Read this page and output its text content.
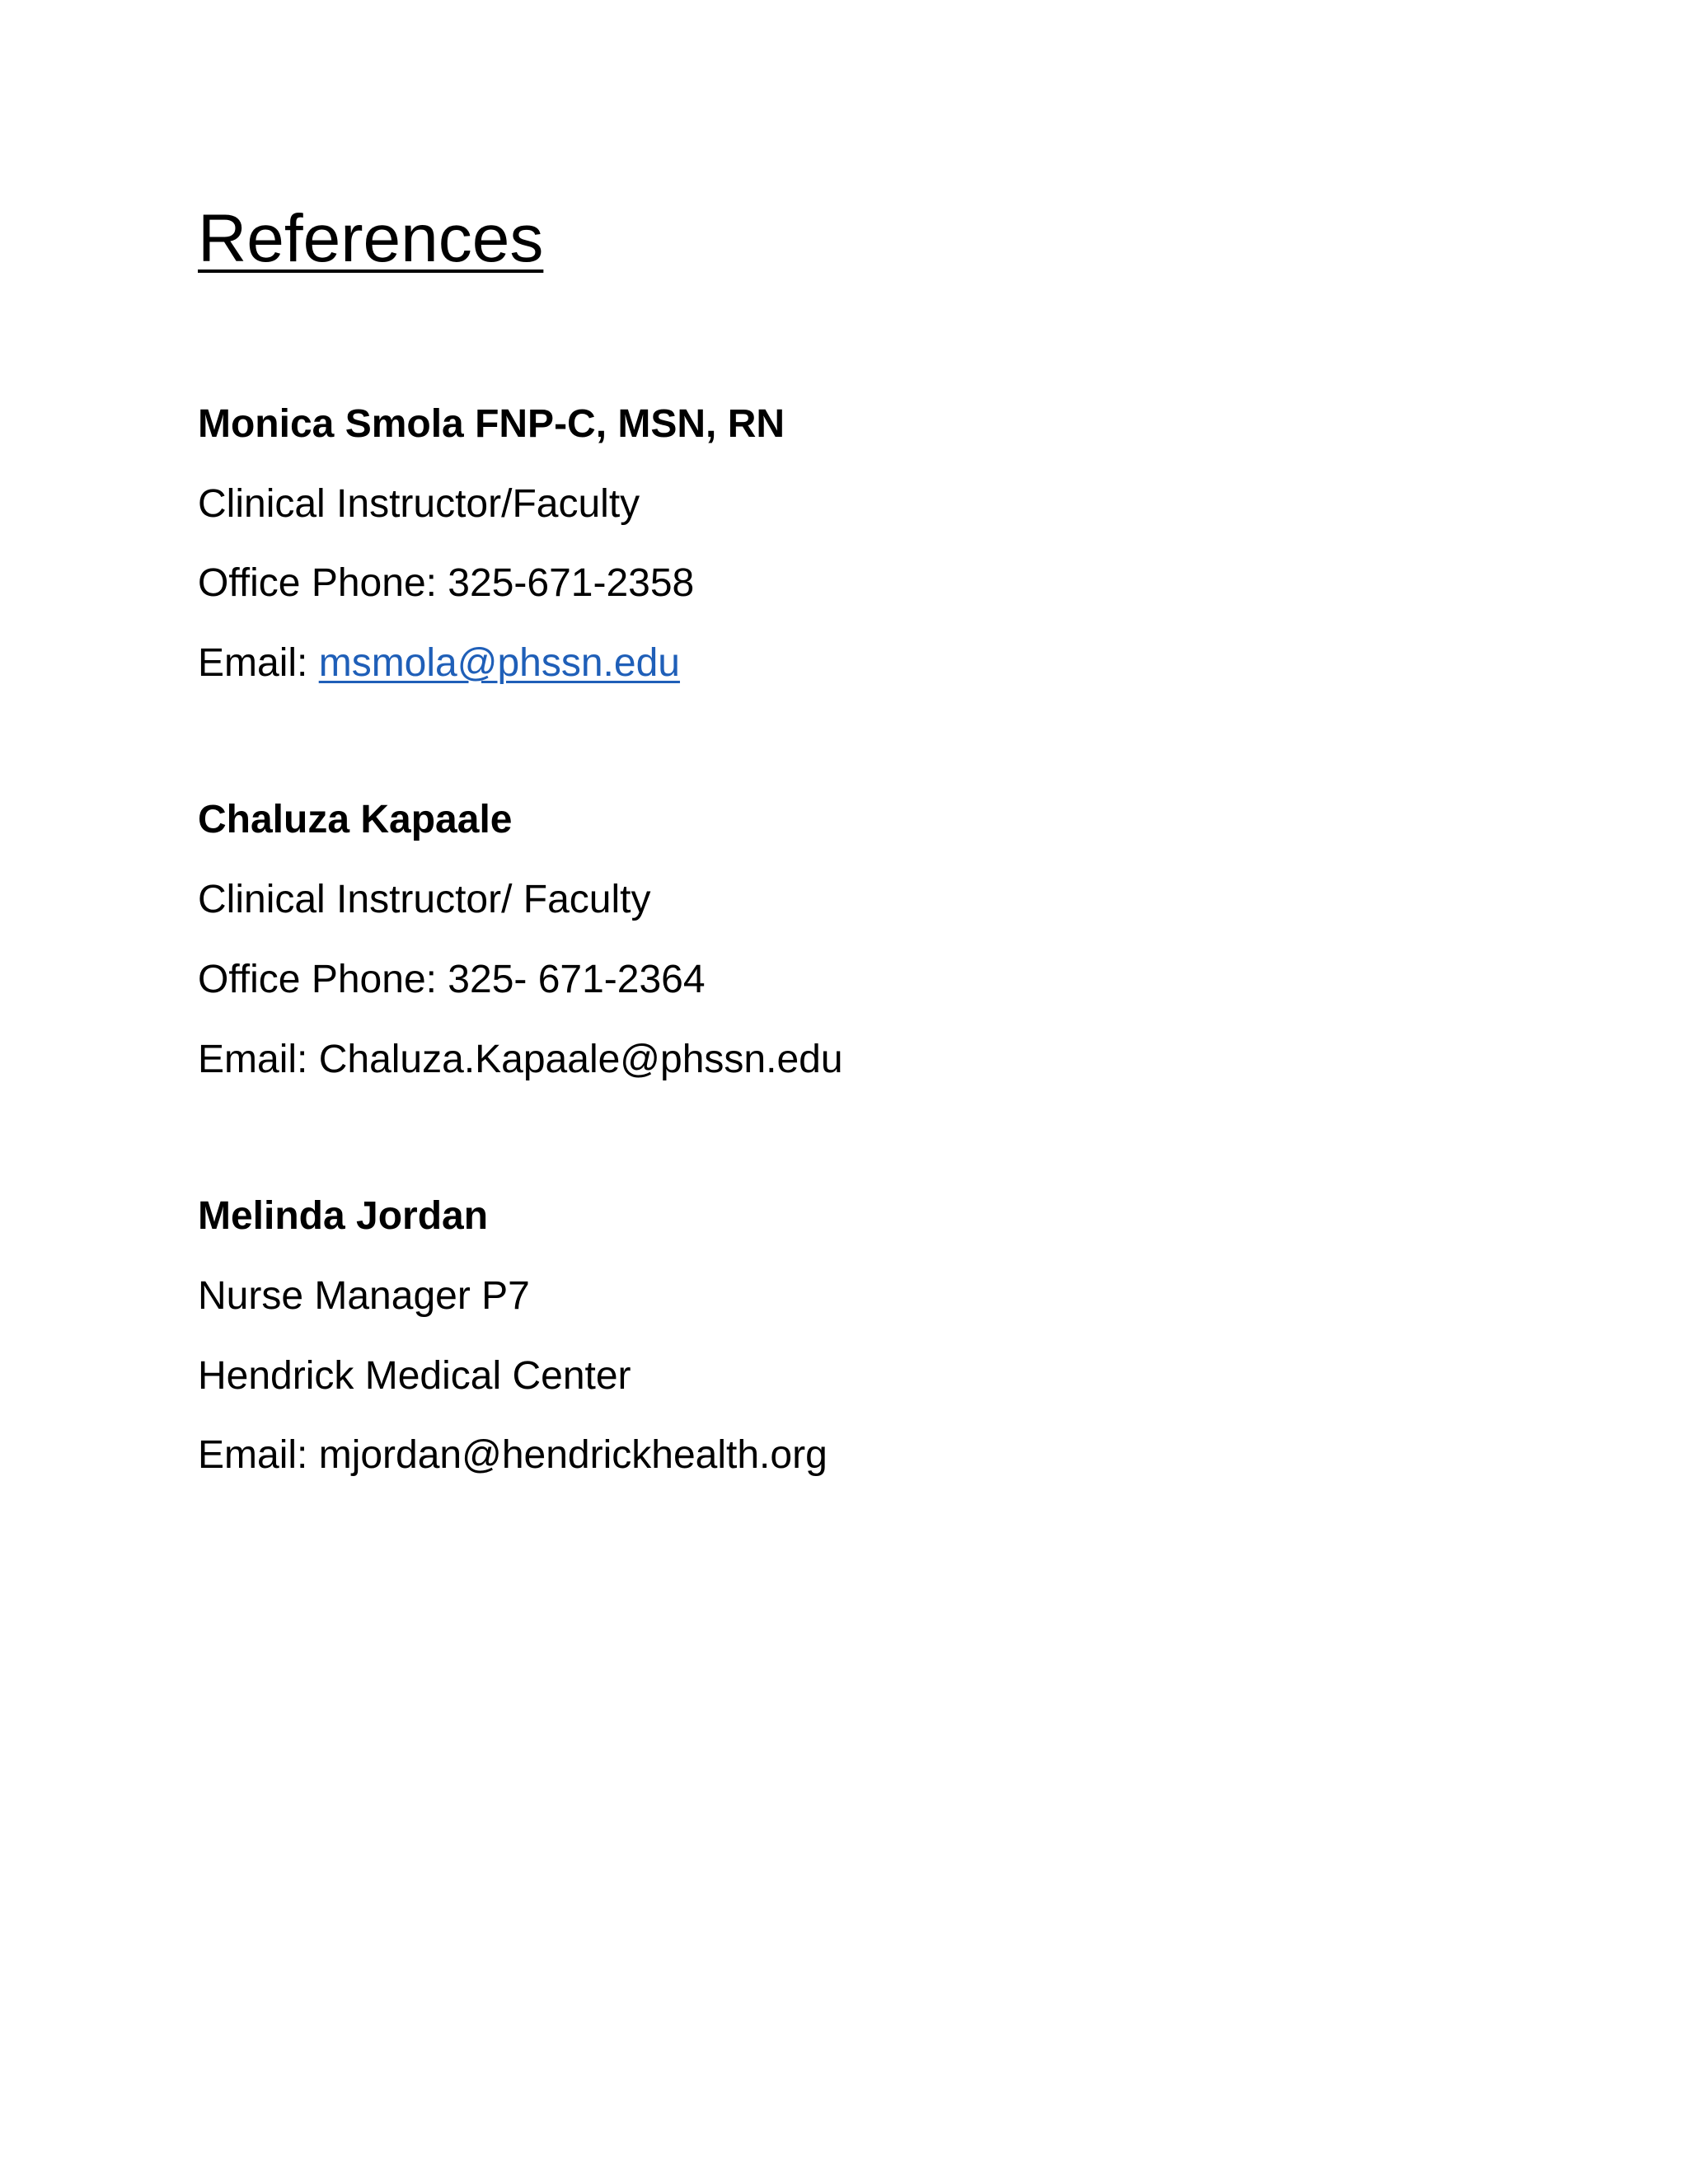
References
Monica Smola FNP-C, MSN, RN
Clinical Instructor/Faculty
Office Phone: 325-671-2358
Email: msmola@phssn.edu
Chaluza Kapaale
Clinical Instructor/ Faculty
Office Phone: 325- 671-2364
Email: Chaluza.Kapaale@phssn.edu
Melinda Jordan
Nurse Manager P7
Hendrick Medical Center
Email: mjordan@hendrickhealth.org
